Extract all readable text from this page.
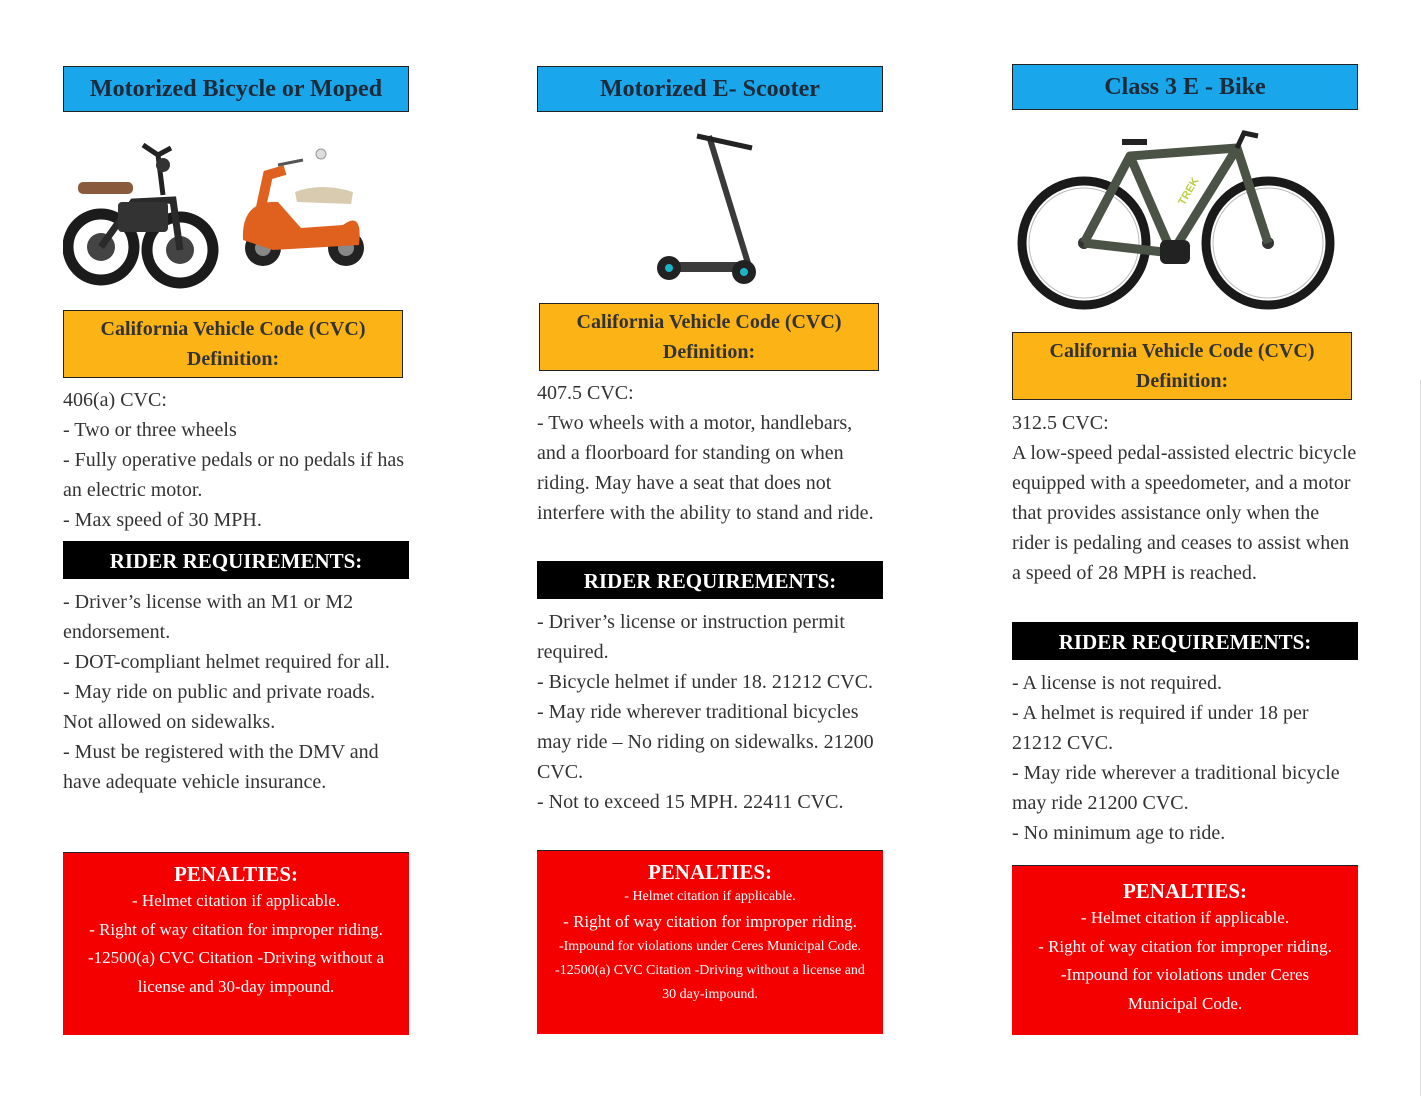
Motorized Bicycle or Moped
California Vehicle Code (CVC)
Definition:

406(a) CVC:

- Two or three wheels

- Fully operative pedals or no pedals if has an electric motor.

- Max speed of 30 MPH.

RIDER REQUIREMENTS:

- Driver’s license with an M1 or M2 endorsement.

- DOT-compliant helmet required for all.

- May ride on public and private roads. Not allowed on sidewalks.

- Must be registered with the DMV and have adequate vehicle insurance.

PENALTIES:

- Helmet citation if applicable.

- Right of way citation for improper riding.

-12500(a) CVC Citation -Driving without a license and 30-day impound.

Motorized E- Scooter
California Vehicle Code (CVC)
Definition:

407.5 CVC:

- Two wheels with a motor, handlebars, and a floorboard for standing on when riding. May have a seat that does not interfere with the ability to stand and ride.

RIDER REQUIREMENTS:

- Driver’s license or instruction permit required.

- Bicycle helmet if under 18. 21212 CVC.

- May ride wherever traditional bicycles may ride – No riding on sidewalks. 21200 CVC.

- Not to exceed 15 MPH. 22411 CVC.

PENALTIES:

- Helmet citation if applicable.

- Right of way citation for improper riding.

-Impound for violations under Ceres Municipal Code.

-12500(a) CVC Citation -Driving without a license and 30 day-impound.

Class 3 E - Bike
TREK
California Vehicle Code (CVC)
Definition:

312.5 CVC:

A low-speed pedal-assisted electric bicycle equipped with a speedometer, and a motor that provides assistance only when the rider is pedaling and ceases to assist when a speed of 28 MPH is reached.

RIDER REQUIREMENTS:

- A license is not required.

- A helmet is required if under 18 per 21212 CVC.

- May ride wherever a traditional bicycle may ride 21200 CVC.

- No minimum age to ride.

PENALTIES:

- Helmet citation if applicable.

- Right of way citation for improper riding.

-Impound for violations under Ceres Municipal Code.
